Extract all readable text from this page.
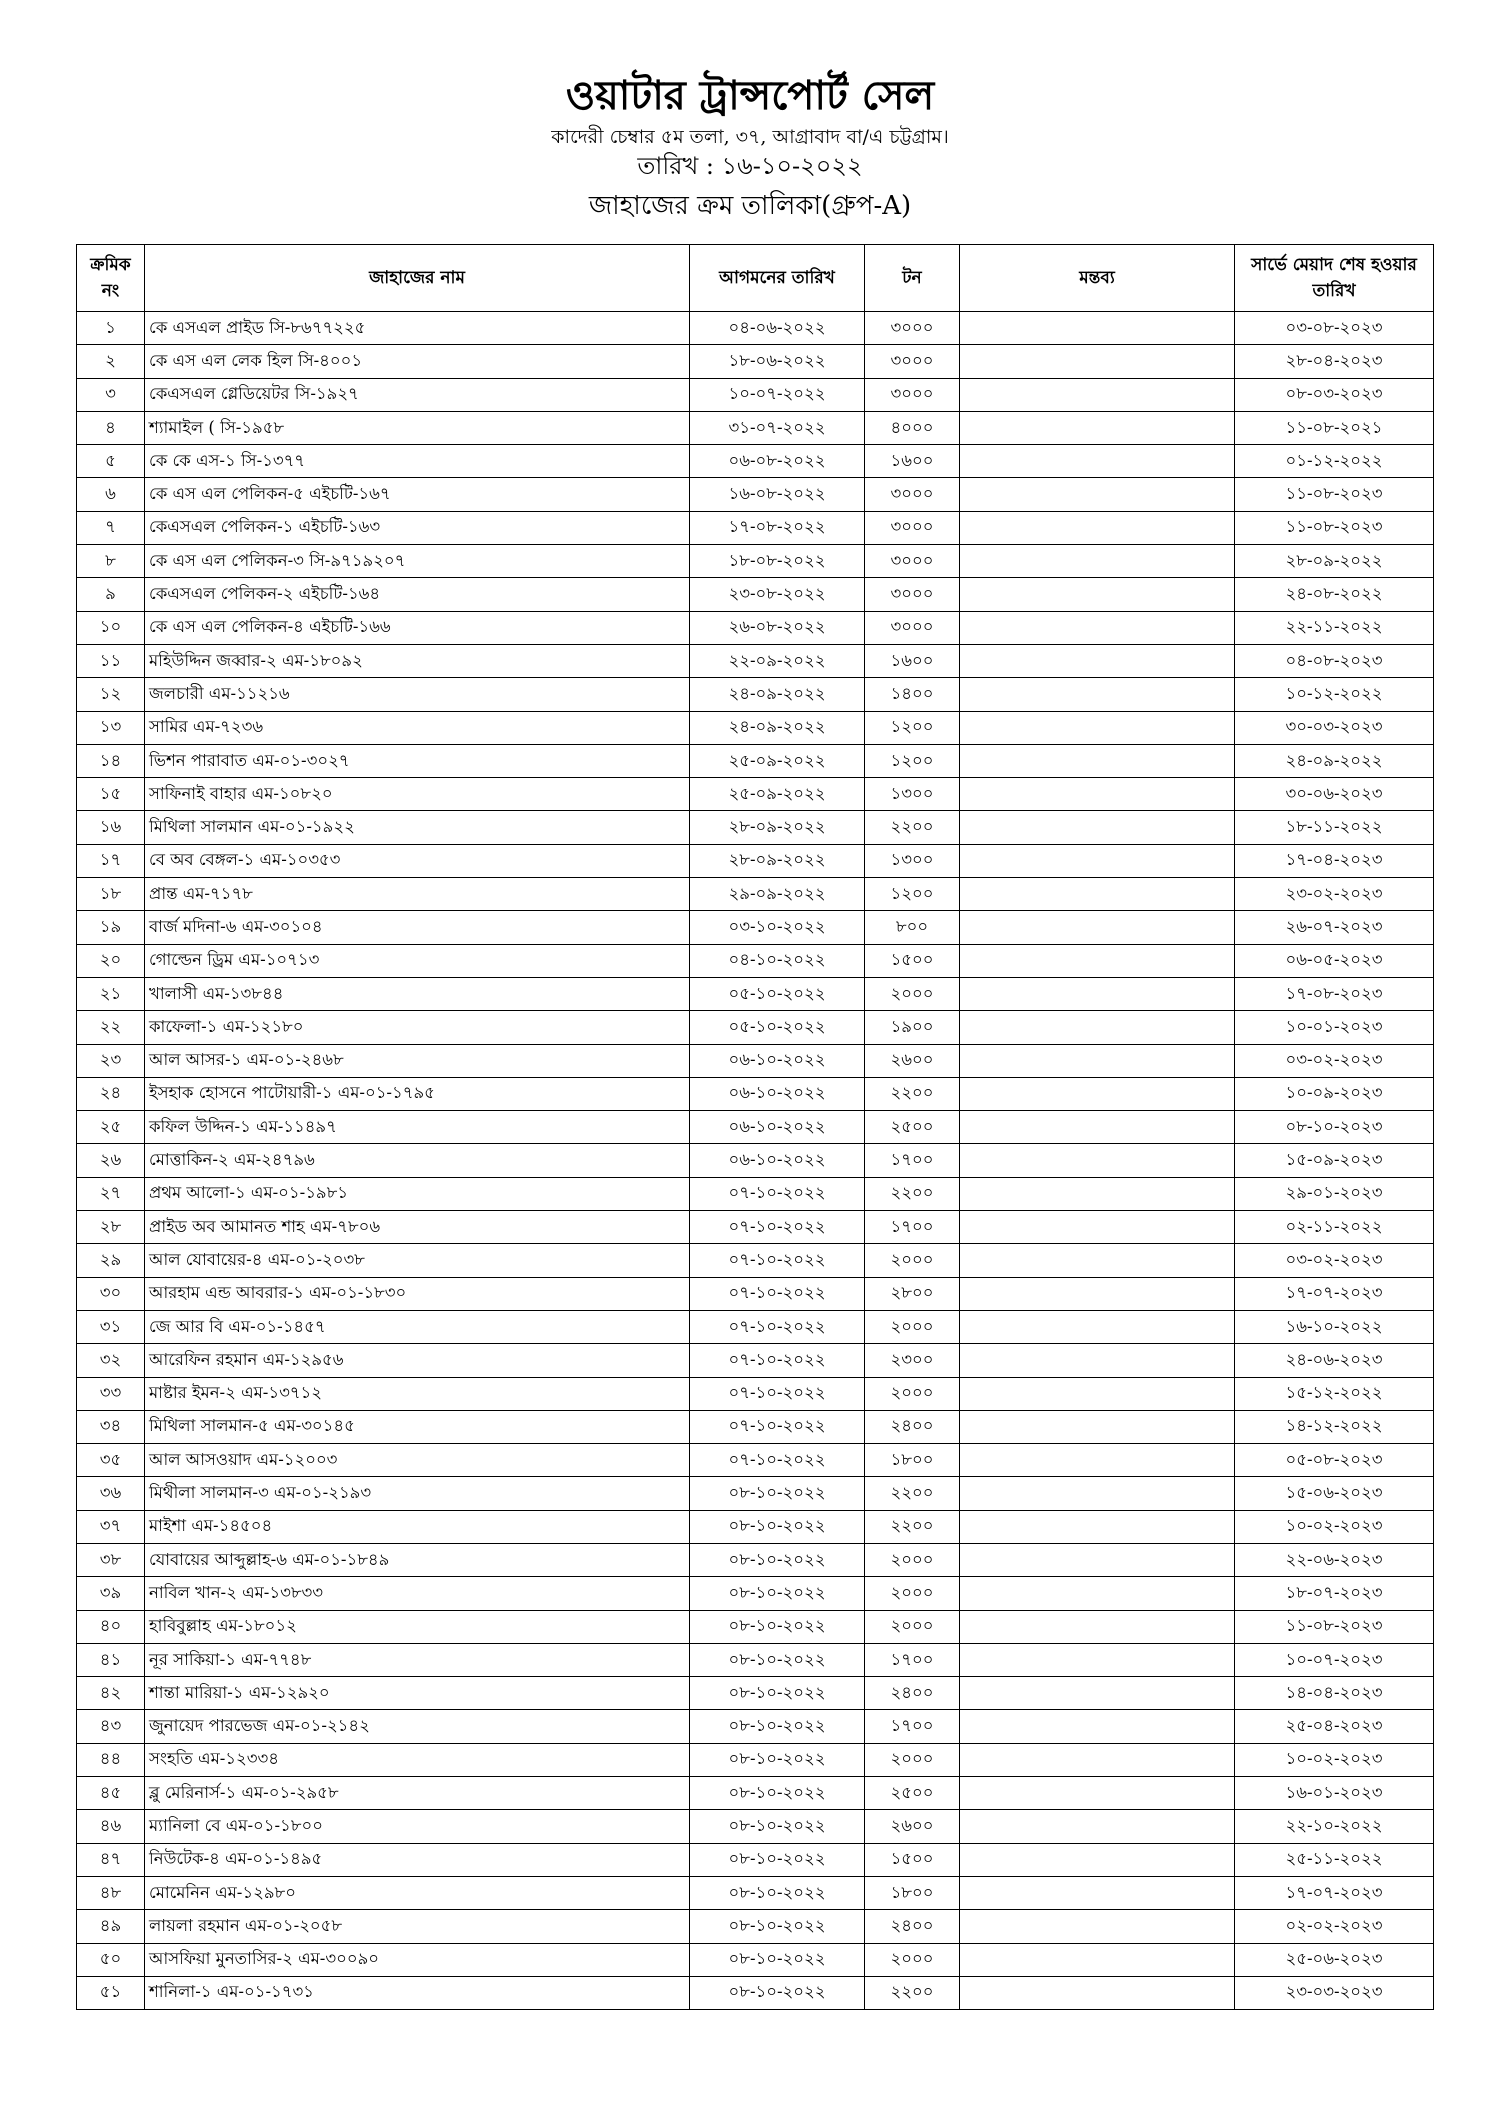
ওয়াটার ট্রান্সপোর্ট সেল
কাদেরী চেম্বার ৫ম তলা, ৩৭, আগ্রাবাদ বা/এ চট্টগ্রাম।
তারিখ : ১৬-১০-২০২২
জাহাজের ক্রম তালিকা(গ্রুপ-A)
ক্রমিক নং	জাহাজের নাম	আগমনের তারিখ	টন	মন্তব্য	সার্ভে মেয়াদ শেষ হওয়ার তারিখ
১	কে এসএল প্রাইড সি-৮৬৭৭২২৫	০৪-০৬-২০২২	৩০০০		০৩-০৮-২০২৩
২	কে এস এল লেক হিল সি-৪০০১	১৮-০৬-২০২২	৩০০০		২৮-০৪-২০২৩
৩	কেএসএল গ্লেডিয়েটর সি-১৯২৭	১০-০৭-২০২২	৩০০০		০৮-০৩-২০২৩
৪	শ্যামাইল ( সি-১৯৫৮	৩১-০৭-২০২২	৪০০০		১১-০৮-২০২১
৫	কে কে এস-১ সি-১৩৭৭	০৬-০৮-২০২২	১৬০০		০১-১২-২০২২
৬	কে এস এল পেলিকন-৫ এইচটি-১৬৭	১৬-০৮-২০২২	৩০০০		১১-০৮-২০২৩
৭	কেএসএল পেলিকন-১ এইচটি-১৬৩	১৭-০৮-২০২২	৩০০০		১১-০৮-২০২৩
৮	কে এস এল পেলিকন-৩ সি-৯৭১৯২০৭	১৮-০৮-২০২২	৩০০০		২৮-০৯-২০২২
৯	কেএসএল পেলিকন-২ এইচটি-১৬৪	২৩-০৮-২০২২	৩০০০		২৪-০৮-২০২২
১০	কে এস এল পেলিকন-৪ এইচটি-১৬৬	২৬-০৮-২০২২	৩০০০		২২-১১-২০২২
১১	মহিউদ্দিন জব্বার-২ এম-১৮০৯২	২২-০৯-২০২২	১৬০০		০৪-০৮-২০২৩
১২	জলচারী এম-১১২১৬	২৪-০৯-২০২২	১৪০০		১০-১২-২০২২
১৩	সামির এম-৭২৩৬	২৪-০৯-২০২২	১২০০		৩০-০৩-২০২৩
১৪	ভিশন পারাবাত এম-০১-৩০২৭	২৫-০৯-২০২২	১২০০		২৪-০৯-২০২২
১৫	সাফিনাই বাহার এম-১০৮২০	২৫-০৯-২০২২	১৩০০		৩০-০৬-২০২৩
১৬	মিথিলা সালমান এম-০১-১৯২২	২৮-০৯-২০২২	২২০০		১৮-১১-২০২২
১৭	বে অব বেঙ্গল-১ এম-১০৩৫৩	২৮-০৯-২০২২	১৩০০		১৭-০৪-২০২৩
১৮	প্রান্ত এম-৭১৭৮	২৯-০৯-২০২২	১২০০		২৩-০২-২০২৩
১৯	বার্জ মদিনা-৬ এম-৩০১০৪	০৩-১০-২০২২	৮০০		২৬-০৭-২০২৩
২০	গোল্ডেন ড্রিম এম-১০৭১৩	০৪-১০-২০২২	১৫০০		০৬-০৫-২০২৩
২১	খালাসী এম-১৩৮৪৪	০৫-১০-২০২২	২০০০		১৭-০৮-২০২৩
২২	কাফেলা-১ এম-১২১৮০	০৫-১০-২০২২	১৯০০		১০-০১-২০২৩
২৩	আল আসর-১ এম-০১-২৪৬৮	০৬-১০-২০২২	২৬০০		০৩-০২-২০২৩
২৪	ইসহাক হোসনে পাটোয়ারী-১ এম-০১-১৭৯৫	০৬-১০-২০২২	২২০০		১০-০৯-২০২৩
২৫	কফিল উদ্দিন-১ এম-১১৪৯৭	০৬-১০-২০২২	২৫০০		০৮-১০-২০২৩
২৬	মোত্তাকিন-২ এম-২৪৭৯৬	০৬-১০-২০২২	১৭০০		১৫-০৯-২০২৩
২৭	প্রথম আলো-১ এম-০১-১৯৮১	০৭-১০-২০২২	২২০০		২৯-০১-২০২৩
২৮	প্রাইড অব আমানত শাহ এম-৭৮০৬	০৭-১০-২০২২	১৭০০		০২-১১-২০২২
২৯	আল যোবায়ের-৪ এম-০১-২০৩৮	০৭-১০-২০২২	২০০০		০৩-০২-২০২৩
৩০	আরহাম এন্ড আবরার-১ এম-০১-১৮৩০	০৭-১০-২০২২	২৮০০		১৭-০৭-২০২৩
৩১	জে আর বি এম-০১-১৪৫৭	০৭-১০-২০২২	২০০০		১৬-১০-২০২২
৩২	আরেফিন রহমান এম-১২৯৫৬	০৭-১০-২০২২	২৩০০		২৪-০৬-২০২৩
৩৩	মাষ্টার ইমন-২ এম-১৩৭১২	০৭-১০-২০২২	২০০০		১৫-১২-২০২২
৩৪	মিথিলা সালমান-৫ এম-৩০১৪৫	০৭-১০-২০২২	২৪০০		১৪-১২-২০২২
৩৫	আল আসওয়াদ এম-১২০০৩	০৭-১০-২০২২	১৮০০		০৫-০৮-২০২৩
৩৬	মিথীলা সালমান-৩ এম-০১-২১৯৩	০৮-১০-২০২২	২২০০		১৫-০৬-২০২৩
৩৭	মাইশা এম-১৪৫০৪	০৮-১০-২০২২	২২০০		১০-০২-২০২৩
৩৮	যোবায়ের আব্দুল্লাহ-৬ এম-০১-১৮৪৯	০৮-১০-২০২২	২০০০		২২-০৬-২০২৩
৩৯	নাবিল খান-২ এম-১৩৮৩৩	০৮-১০-২০২২	২০০০		১৮-০৭-২০২৩
৪০	হাবিবুল্লাহ এম-১৮০১২	০৮-১০-২০২২	২০০০		১১-০৮-২০২৩
৪১	নূর সাকিয়া-১ এম-৭৭৪৮	০৮-১০-২০২২	১৭০০		১০-০৭-২০২৩
৪২	শান্তা মারিয়া-১ এম-১২৯২০	০৮-১০-২০২২	২৪০০		১৪-০৪-২০২৩
৪৩	জুনায়েদ পারভেজ এম-০১-২১৪২	০৮-১০-২০২২	১৭০০		২৫-০৪-২০২৩
৪৪	সংহতি এম-১২৩৩৪	০৮-১০-২০২২	২০০০		১০-০২-২০২৩
৪৫	ব্লু মেরিনার্স-১ এম-০১-২৯৫৮	০৮-১০-২০২২	২৫০০		১৬-০১-২০২৩
৪৬	ম্যানিলা বে এম-০১-১৮০০	০৮-১০-২০২২	২৬০০		২২-১০-২০২২
৪৭	নিউটেক-৪ এম-০১-১৪৯৫	০৮-১০-২০২২	১৫০০		২৫-১১-২০২২
৪৮	মোমেনিন এম-১২৯৮০	০৮-১০-২০২২	১৮০০		১৭-০৭-২০২৩
৪৯	লায়লা রহমান এম-০১-২০৫৮	০৮-১০-২০২২	২৪০০		০২-০২-২০২৩
৫০	আসফিয়া মুনতাসির-২ এম-৩০০৯০	০৮-১০-২০২২	২০০০		২৫-০৬-২০২৩
৫১	শানিলা-১ এম-০১-১৭৩১	০৮-১০-২০২২	২২০০		২৩-০৩-২০২৩
